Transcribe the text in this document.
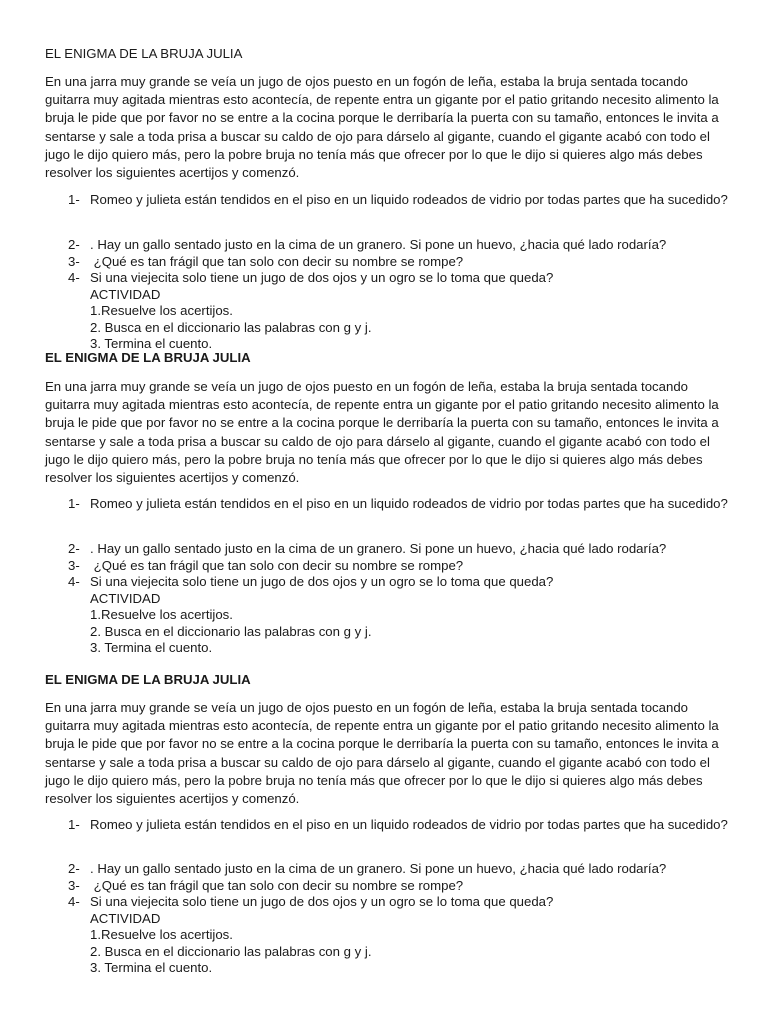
EL ENIGMA DE LA BRUJA JULIA

En una jarra muy grande se veía un jugo de ojos puesto en un fogón de leña, estaba la bruja sentada tocando guitarra muy agitada mientras esto acontecía, de repente entra un gigante por el patio gritando necesito alimento la bruja le pide que por favor no se entre a la cocina porque le derribaría la puerta con su tamaño, entonces le invita a sentarse y sale a toda prisa a buscar su caldo de ojo para dárselo al gigante, cuando el gigante acabó con todo el jugo le dijo quiero más, pero la pobre bruja no tenía más que ofrecer por lo que le dijo si quieres algo más debes resolver los siguientes acertijos y comenzó.

1- Romeo y julieta están tendidos en el piso en un liquido rodeados de vidrio por todas partes que ha sucedido?
2- . Hay un gallo sentado justo en la cima de un granero. Si pone un huevo, ¿hacia qué lado rodaría?
3- ¿Qué es tan frágil que tan solo con decir su nombre se rompe?
4- Si una viejecita solo tiene un jugo de dos ojos y un ogro se lo toma que queda?
ACTIVIDAD
1.Resuelve los acertijos.
2. Busca en el diccionario las palabras con g y j.
3. Termina el cuento.
EL ENIGMA DE LA BRUJA JULIA

En una jarra muy grande se veía un jugo de ojos puesto en un fogón de leña, estaba la bruja sentada tocando guitarra muy agitada mientras esto acontecía, de repente entra un gigante por el patio gritando necesito alimento la bruja le pide que por favor no se entre a la cocina porque le derribaría la puerta con su tamaño, entonces le invita a sentarse y sale a toda prisa a buscar su caldo de ojo para dárselo al gigante, cuando el gigante acabó con todo el jugo le dijo quiero más, pero la pobre bruja no tenía más que ofrecer por lo que le dijo si quieres algo más debes resolver los siguientes acertijos y comenzó.

1- Romeo y julieta están tendidos en el piso en un liquido rodeados de vidrio por todas partes que ha sucedido?
2- . Hay un gallo sentado justo en la cima de un granero. Si pone un huevo, ¿hacia qué lado rodaría?
3- ¿Qué es tan frágil que tan solo con decir su nombre se rompe?
4- Si una viejecita solo tiene un jugo de dos ojos y un ogro se lo toma que queda?
ACTIVIDAD
1.Resuelve los acertijos.
2. Busca en el diccionario las palabras con g y j.
3. Termina el cuento.
EL ENIGMA DE LA BRUJA JULIA

En una jarra muy grande se veía un jugo de ojos puesto en un fogón de leña, estaba la bruja sentada tocando guitarra muy agitada mientras esto acontecía, de repente entra un gigante por el patio gritando necesito alimento la bruja le pide que por favor no se entre a la cocina porque le derribaría la puerta con su tamaño, entonces le invita a sentarse y sale a toda prisa a buscar su caldo de ojo para dárselo al gigante, cuando el gigante acabó con todo el jugo le dijo quiero más, pero la pobre bruja no tenía más que ofrecer por lo que le dijo si quieres algo más debes resolver los siguientes acertijos y comenzó.

1- Romeo y julieta están tendidos en el piso en un liquido rodeados de vidrio por todas partes que ha sucedido?
2- . Hay un gallo sentado justo en la cima de un granero. Si pone un huevo, ¿hacia qué lado rodaría?
3- ¿Qué es tan frágil que tan solo con decir su nombre se rompe?
4- Si una viejecita solo tiene un jugo de dos ojos y un ogro se lo toma que queda?
ACTIVIDAD
1.Resuelve los acertijos.
2. Busca en el diccionario las palabras con g y j.
3. Termina el cuento.
